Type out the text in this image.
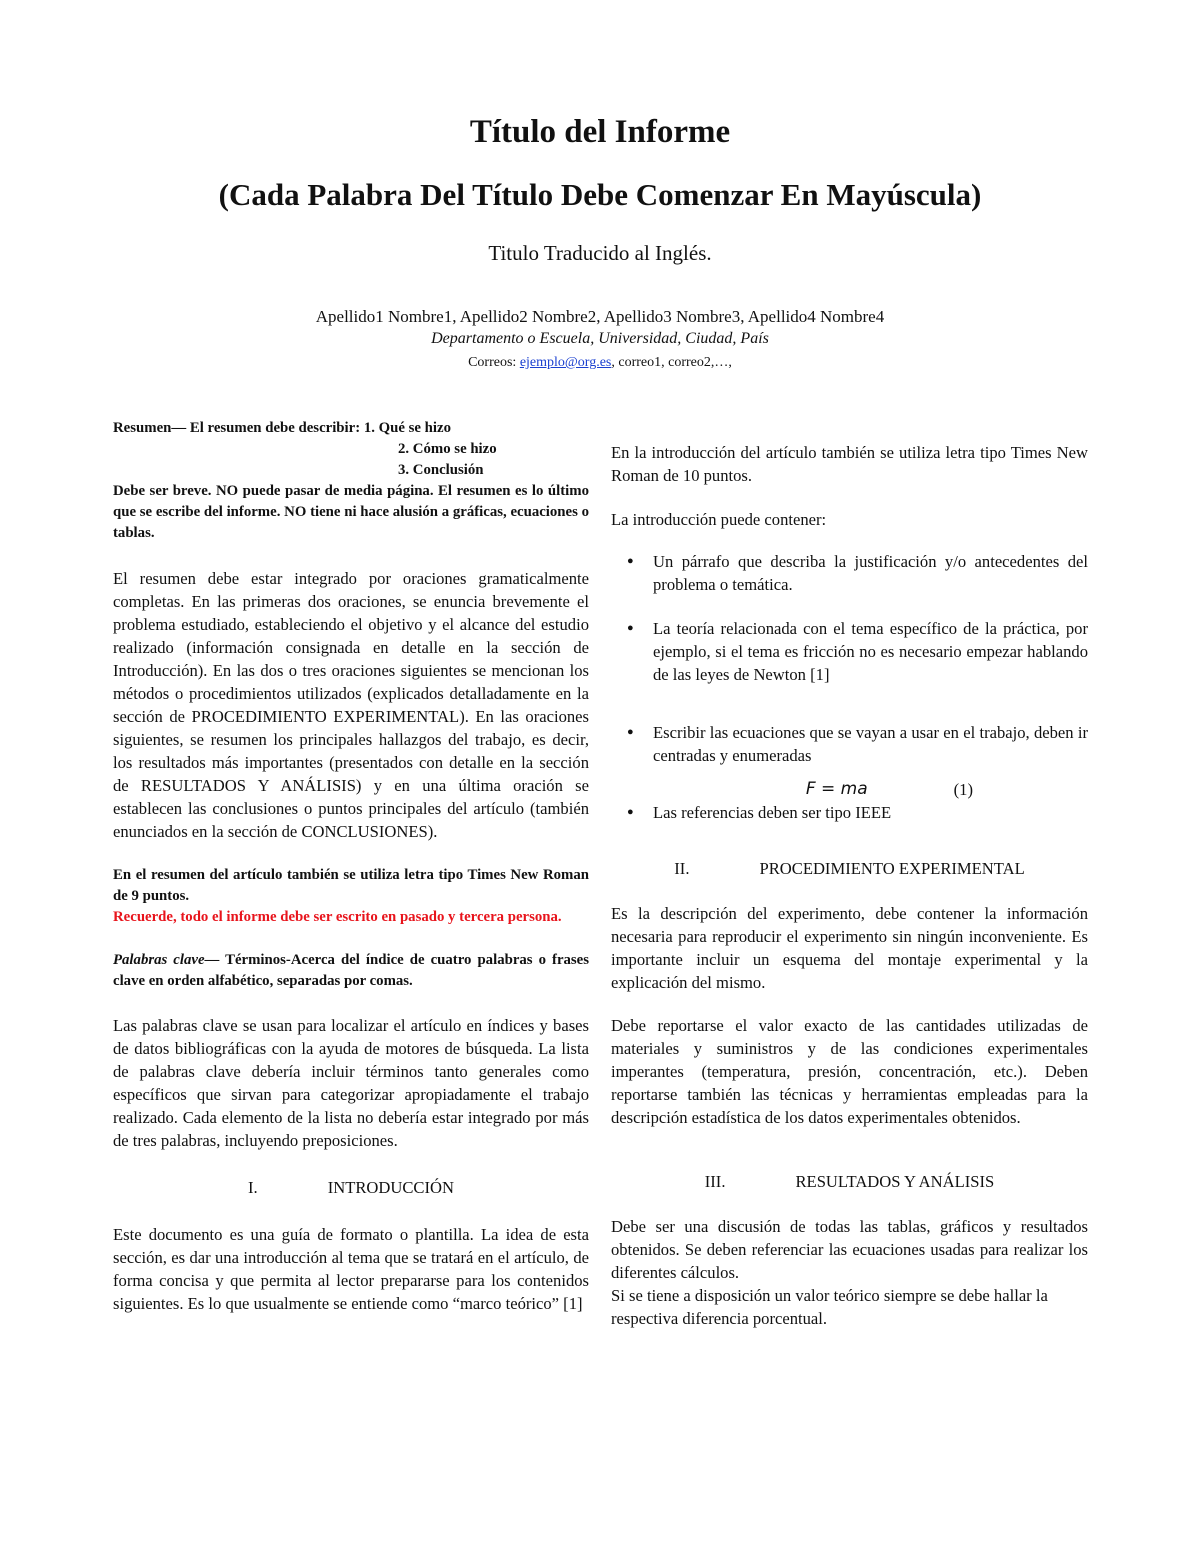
Título del Informe
(Cada Palabra Del Título Debe Comenzar En Mayúscula)
Titulo Traducido al Inglés.
Apellido1 Nombre1, Apellido2 Nombre2, Apellido3 Nombre3, Apellido4 Nombre4
Departamento o Escuela, Universidad, Ciudad, País
Correos: ejemplo@org.es, correo1, correo2,…,

Resumen— El resumen debe describir: 1. Qué se hizo

2. Cómo se hizo

3. Conclusión

Debe ser breve. NO puede pasar de media página. El resumen es lo último que se escribe del informe. NO tiene ni hace alusión a gráficas, ecuaciones o tablas.

El resumen debe estar integrado por oraciones gramaticalmente completas. En las primeras dos oraciones, se enuncia brevemente el problema estudiado, estableciendo el objetivo y el alcance del estudio realizado (información consignada en detalle en la sección de Introducción). En las dos o tres oraciones siguientes se mencionan los métodos o procedimientos utilizados (explicados detalladamente en la sección de PROCEDIMIENTO EXPERIMENTAL). En las oraciones siguientes, se resumen los principales hallazgos del trabajo, es decir, los resultados más importantes (presentados con detalle en la sección de RESULTADOS Y ANÁLISIS) y en una última oración se establecen las conclusiones o puntos principales del artículo (también enunciados en la sección de CONCLUSIONES).

En el resumen del artículo también se utiliza letra tipo Times New Roman de 9 puntos.

Recuerde, todo el informe debe ser escrito en pasado y tercera persona.

Palabras clave— Términos-Acerca del índice de cuatro palabras o frases clave en orden alfabético, separadas por comas.

Las palabras clave se usan para localizar el artículo en índices y bases de datos bibliográficas con la ayuda de motores de búsqueda. La lista de palabras clave debería incluir términos tanto generales como específicos que sirvan para categorizar apropiadamente el trabajo realizado. Cada elemento de la lista no debería estar integrado por más de tres palabras, incluyendo preposiciones.

I.	INTRODUCCIÓN

Este documento es una guía de formato o plantilla. La idea de esta sección, es dar una introducción al tema que se tratará en el artículo, de forma concisa y que permita al lector prepararse para los contenidos siguientes. Es lo que usualmente se entiende como “marco teórico” [1]

En la introducción del artículo también se utiliza letra tipo Times New Roman de 10 puntos.

La introducción puede contener:

● Un párrafo que describa la justificación y/o antecedentes del problema o temática.
● La teoría relacionada con el tema específico de la práctica, por ejemplo, si el tema es fricción no es necesario empezar hablando de las leyes de Newton [1]
● Escribir las ecuaciones que se vayan a usar en el trabajo, deben ir centradas y enumeradas
F = ma	(1)
● Las referencias deben ser tipo IEEE
II.	PROCEDIMIENTO EXPERIMENTAL

Es la descripción del experimento, debe contener la información necesaria para reproducir el experimento sin ningún inconveniente. Es importante incluir un esquema del montaje experimental y la explicación del mismo.

Debe reportarse el valor exacto de las cantidades utilizadas de materiales y suministros y de las condiciones experimentales imperantes (temperatura, presión, concentración, etc.). Deben reportarse también las técnicas y herramientas empleadas para la descripción estadística de los datos experimentales obtenidos.

III.	RESULTADOS Y ANÁLISIS

Debe ser una discusión de todas las tablas, gráficos y resultados obtenidos. Se deben referenciar las ecuaciones usadas para realizar los diferentes cálculos.

Si se tiene a disposición un valor teórico siempre se debe hallar la respectiva diferencia porcentual.
